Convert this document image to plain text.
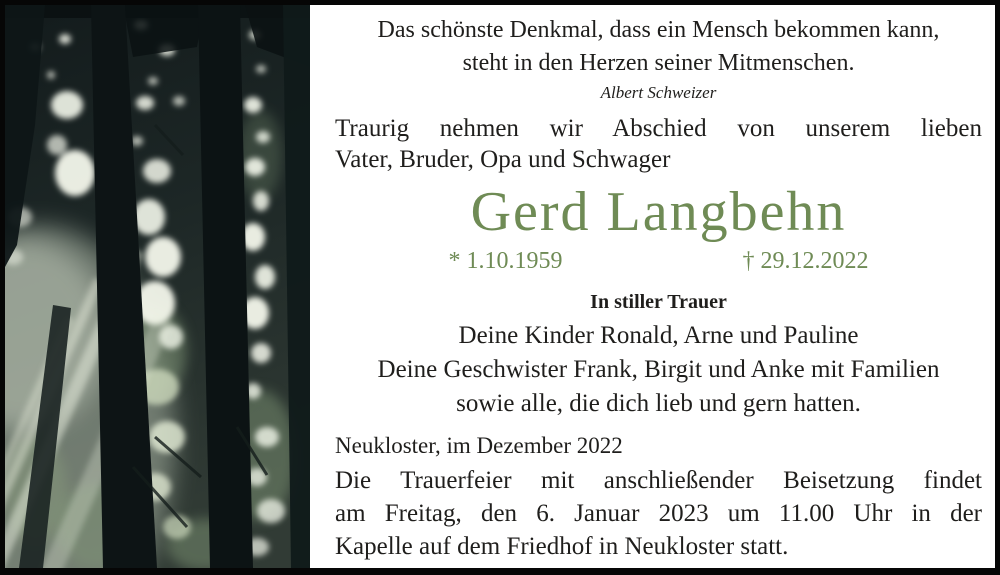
Das schönste Denkmal, dass ein Mensch bekommen kann,
steht in den Herzen seiner Mitmenschen.
Albert Schweizer
Traurig nehmen wir Abschied von unserem lieben
Vater, Bruder, Opa und Schwager
Gerd Langbehn
* 1.10.1959	† 29.12.2022
In stiller Trauer
Deine Kinder Ronald, Arne und Pauline
Deine Geschwister Frank, Birgit und Anke mit Familien
sowie alle, die dich lieb und gern hatten.
Neukloster, im Dezember 2022
Die Trauerfeier mit anschließender Beisetzung findet
am Freitag, den 6. Januar 2023 um 11.00 Uhr in der
Kapelle auf dem Friedhof in Neukloster statt.
